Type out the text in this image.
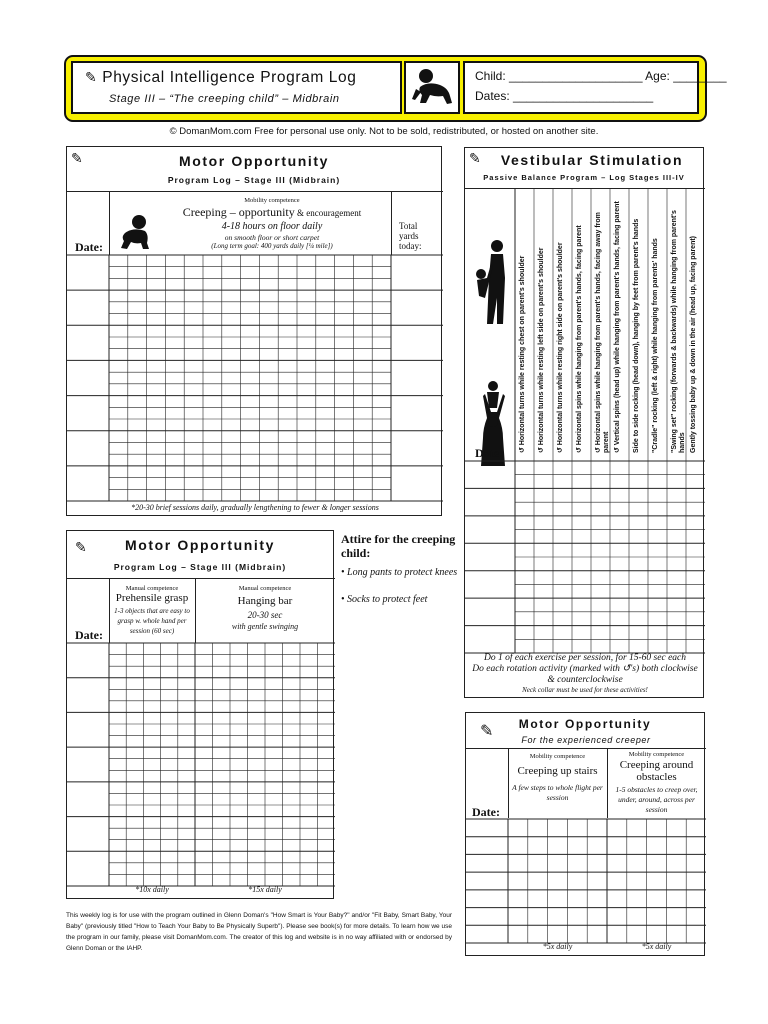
✎ Physical Intelligence Program Log
Stage III – “The creeping child” – Midbrain
Child: ____________________ Age: ________
Dates: _____________________
© DomanMom.com Free for personal use only. Not to be sold, redistributed, or hosted on another site.
✎	Motor Opportunity
Program Log – Stage III (Midbrain)
Date:
Mobility competence
Creeping – opportunity & encouragement
4-18 hours on floor daily
on smooth floor or short carpet
(Long term goal: 400 yards daily [¼ mile])
Total yards today:
*20-30 brief sessions daily, gradually lengthening to fewer & longer sessions
✎	Motor Opportunity
Program Log – Stage III (Midbrain)
Date:
Manual competence
Prehensile grasp
1-3 objects that are easy to grasp w. whole hand per session (60 sec)
Manual competence
Hanging bar
20-30 sec
with gentle swinging
*10x daily	*15x daily
Attire for the creeping child:
• Long pants to protect knees
• Socks to protect feet
✎	Vestibular Stimulation
Passive Balance Program – Log Stages III-IV
Date:
Do 1 of each exercise per session, for 15-60 sec each
Do each rotation activity (marked with ↺'s) both clockwise & counterclockwise
Neck collar must be used for these activities!
↺ Horizontal turns while resting chest on parent's shoulder ↺ Horizontal turns while resting left side on parent's shoulder ↺ Horizontal turns while resting right side on parent's shoulder ↺ Horizontal spins while hanging from parent's hands, facing parent ↺ Horizontal spins while hanging from parent's hands, facing away from parent ↺ Vertical spins (head up) while hanging from parent's hands, facing parent Side to side rocking (head down), hanging by feet from parent's hands "Cradle" rocking (left & right) while hanging from parents' hands "Swing set" rocking (forwards & backwards) while hanging from parent's hands Gently tossing baby up & down in the air (head up, facing parent)
✎	Motor Opportunity
For the experienced creeper
Date:
Mobility competence
Creeping up stairs
A few steps to whole flight per session
Mobility competence
Creeping around obstacles
1-5 obstacles to creep over, under, around, across per session
*5x daily	*5x daily
This weekly log is for use with the program outlined in Glenn Doman's "How Smart is Your Baby?" and/or "Fit Baby, Smart Baby, Your Baby" (previously titled "How to Teach Your Baby to Be Physically Superb"). Please see book(s) for more details. To learn how we use the program in our family, please visit DomanMom.com. The creator of this log and website is in no way affiliated with or endorsed by Glenn Doman or the IAHP.
